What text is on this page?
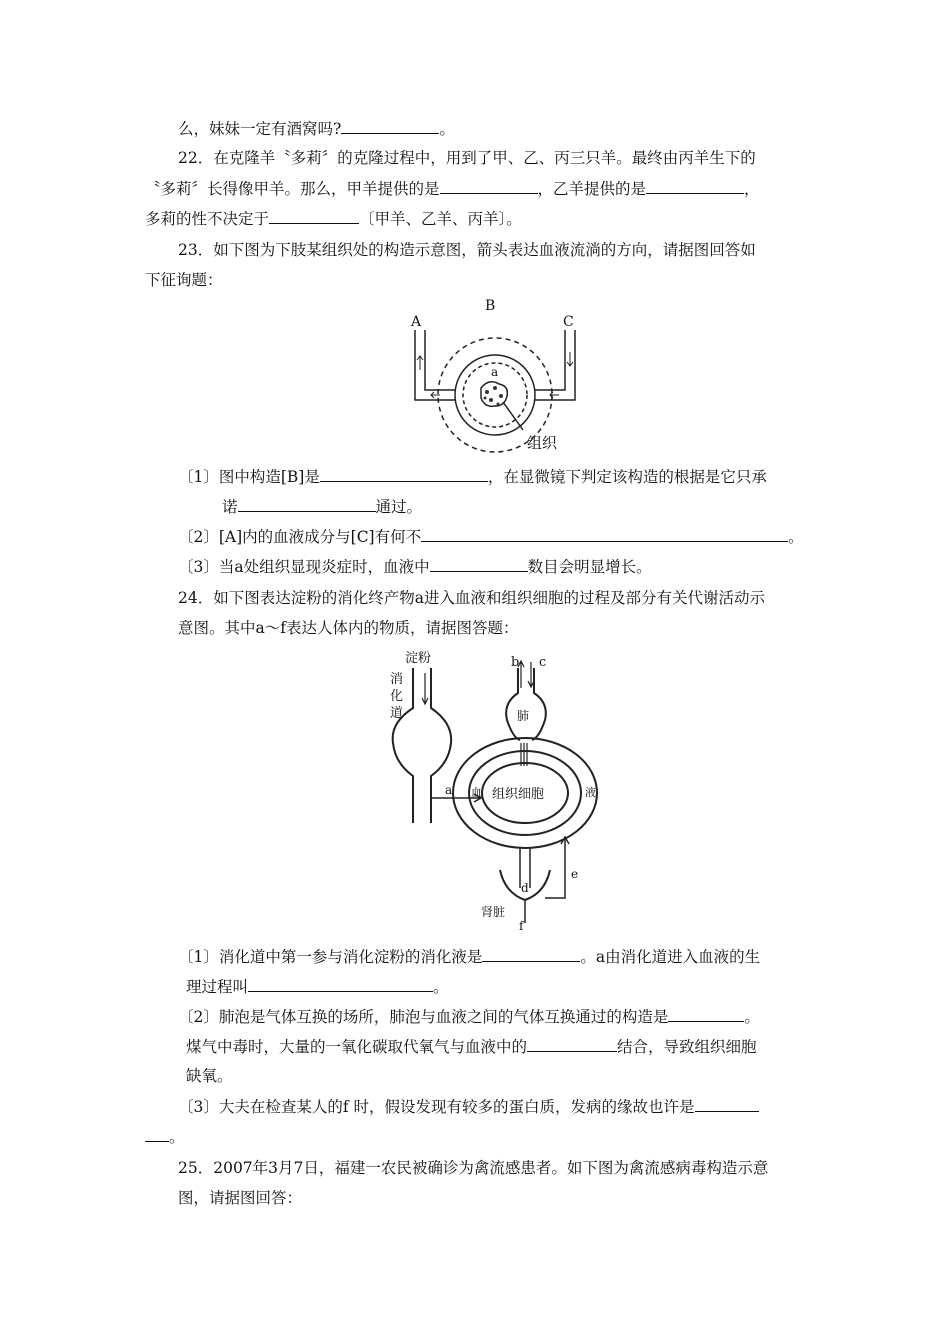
么，妹妹一定有酒窝吗?	。
22．在克隆羊〝多莉〞的克隆过程中，用到了甲、乙、丙三只羊。最终由丙羊生下的
〝多莉〞长得像甲羊。那么，甲羊提供的是	，乙羊提供的是	，
多莉的性不决定于	〔甲羊、乙羊、丙羊〕。
23．如下图为下肢某组织处的构造示意图，箭头表达血液流淌的方向，请据图回答如
下征询题：
A
B
C
a
组织
〔1〕图中构造[B]是	，在显微镜下判定该构造的根据是它只承
诺	通过。
〔2〕[A]内的血液成分与[C]有何不	。
〔3〕当a处组织显现炎症时，血液中	数目会明显增长。
24．如下图表达淀粉的消化终产物a进入血液和组织细胞的过程及部分有关代谢活动示
意图。其中a～f表达人体内的物质，请据图答题：
淀粉
消
化
道
b c
肺
a 血 组织细胞	液
d
e
f
肾脏
〔1〕消化道中第一参与消化淀粉的消化液是	。a由消化道进入血液的生
理过程叫	。
〔2〕肺泡是气体互换的场所，肺泡与血液之间的气体互换通过的构造是	。
煤气中毒时，大量的一氧化碳取代氧气与血液中的	结合，导致组织细胞
缺氧。
〔3〕大夫在检查某人的f 时，假设发现有较多的蛋白质，发病的缘故也许是
。
25．2007年3月7日，福建一农民被确诊为禽流感患者。如下图为禽流感病毒构造示意
图，请据图回答：
